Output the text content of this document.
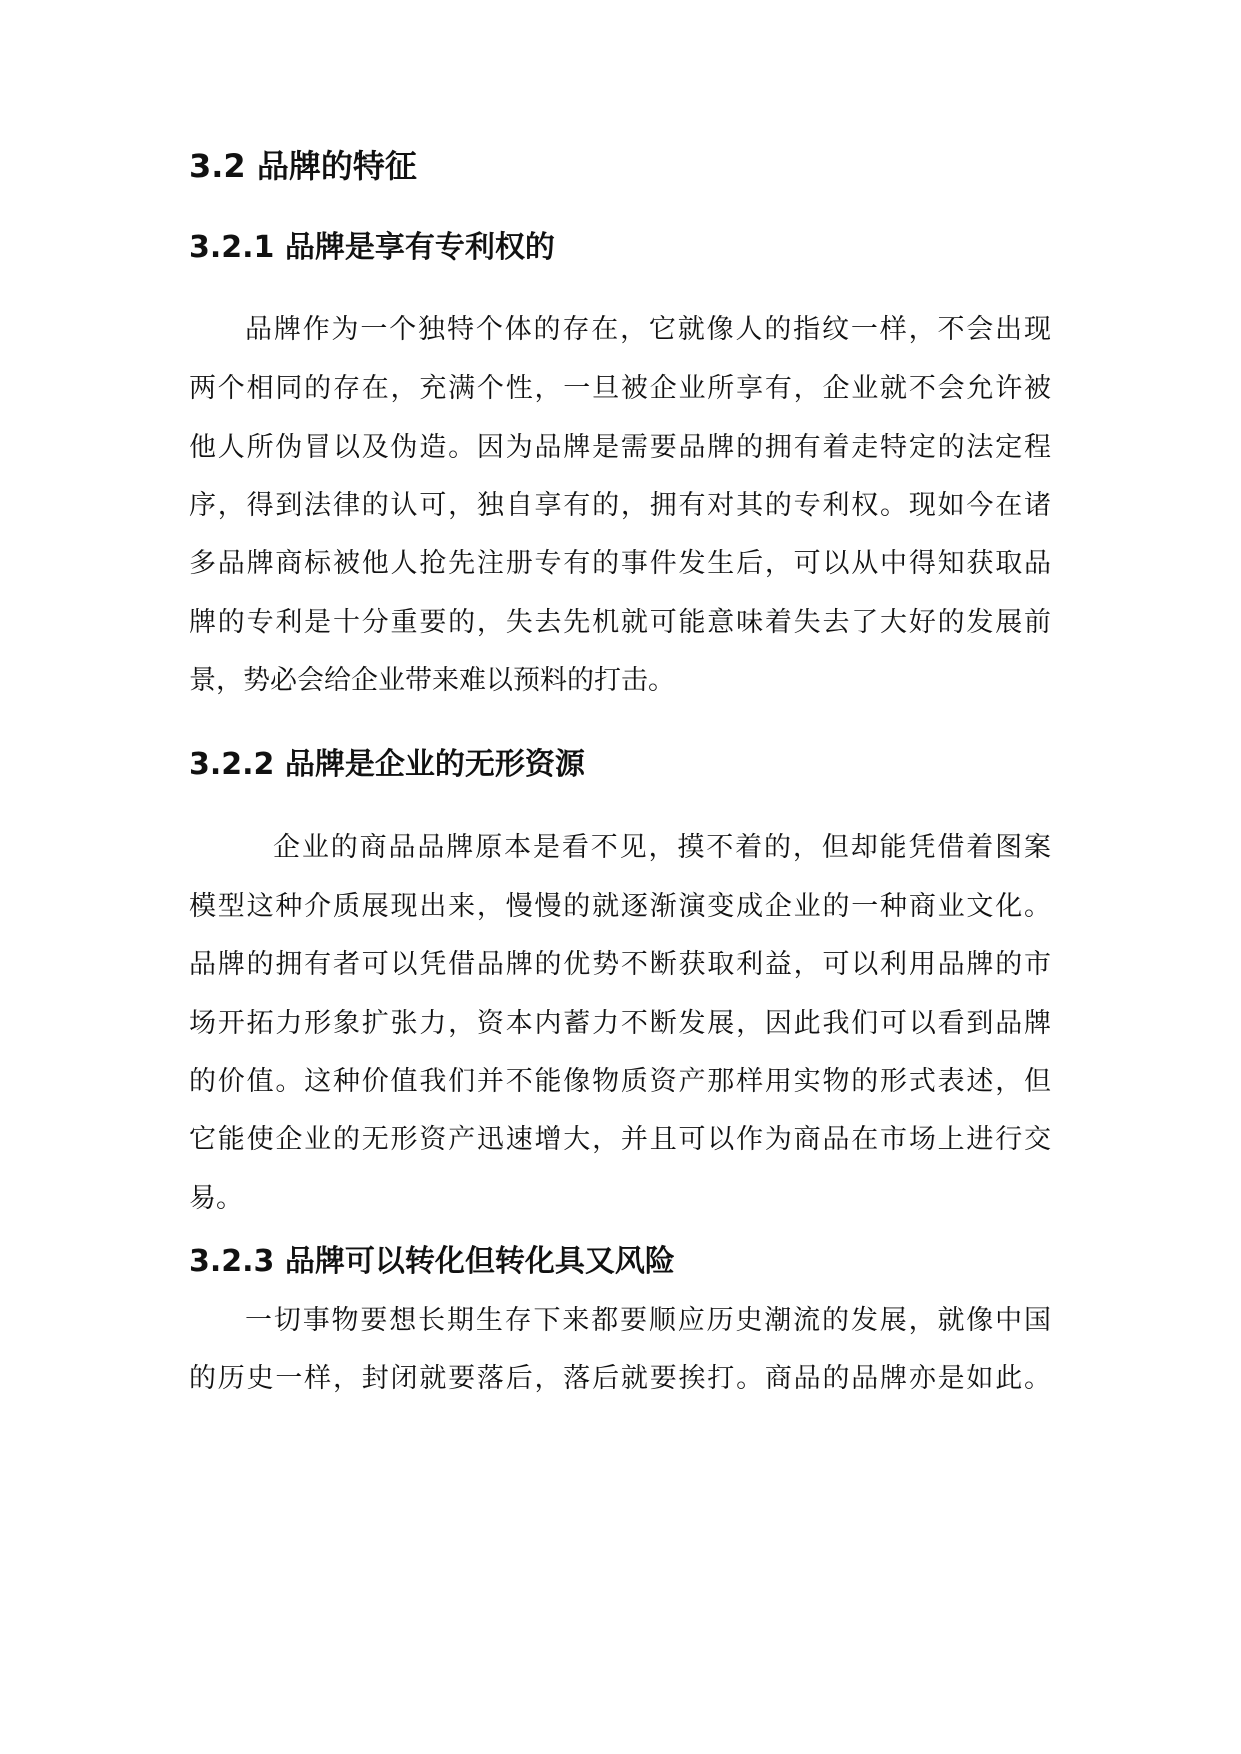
3.2 品牌的特征
3.2.1 品牌是享有专利权的

品牌作为一个独特个体的存在，它就像人的指纹一样，不会出现

两个相同的存在，充满个性，一旦被企业所享有，企业就不会允许被

他人所伪冒以及伪造。因为品牌是需要品牌的拥有着走特定的法定程

序，得到法律的认可，独自享有的，拥有对其的专利权。现如今在诸

多品牌商标被他人抢先注册专有的事件发生后，可以从中得知获取品

牌的专利是十分重要的，失去先机就可能意味着失去了大好的发展前

景，势必会给企业带来难以预料的打击。

3.2.2 品牌是企业的无形资源

企业的商品品牌原本是看不见，摸不着的，但却能凭借着图案

模型这种介质展现出来，慢慢的就逐渐演变成企业的一种商业文化。

品牌的拥有者可以凭借品牌的优势不断获取利益，可以利用品牌的市

场开拓力形象扩张力，资本内蓄力不断发展，因此我们可以看到品牌

的价值。这种价值我们并不能像物质资产那样用实物的形式表述，但

它能使企业的无形资产迅速增大，并且可以作为商品在市场上进行交

易。

3.2.3 品牌可以转化但转化具又风险

一切事物要想长期生存下来都要顺应历史潮流的发展，就像中国

的历史一样，封闭就要落后，落后就要挨打。商品的品牌亦是如此。
